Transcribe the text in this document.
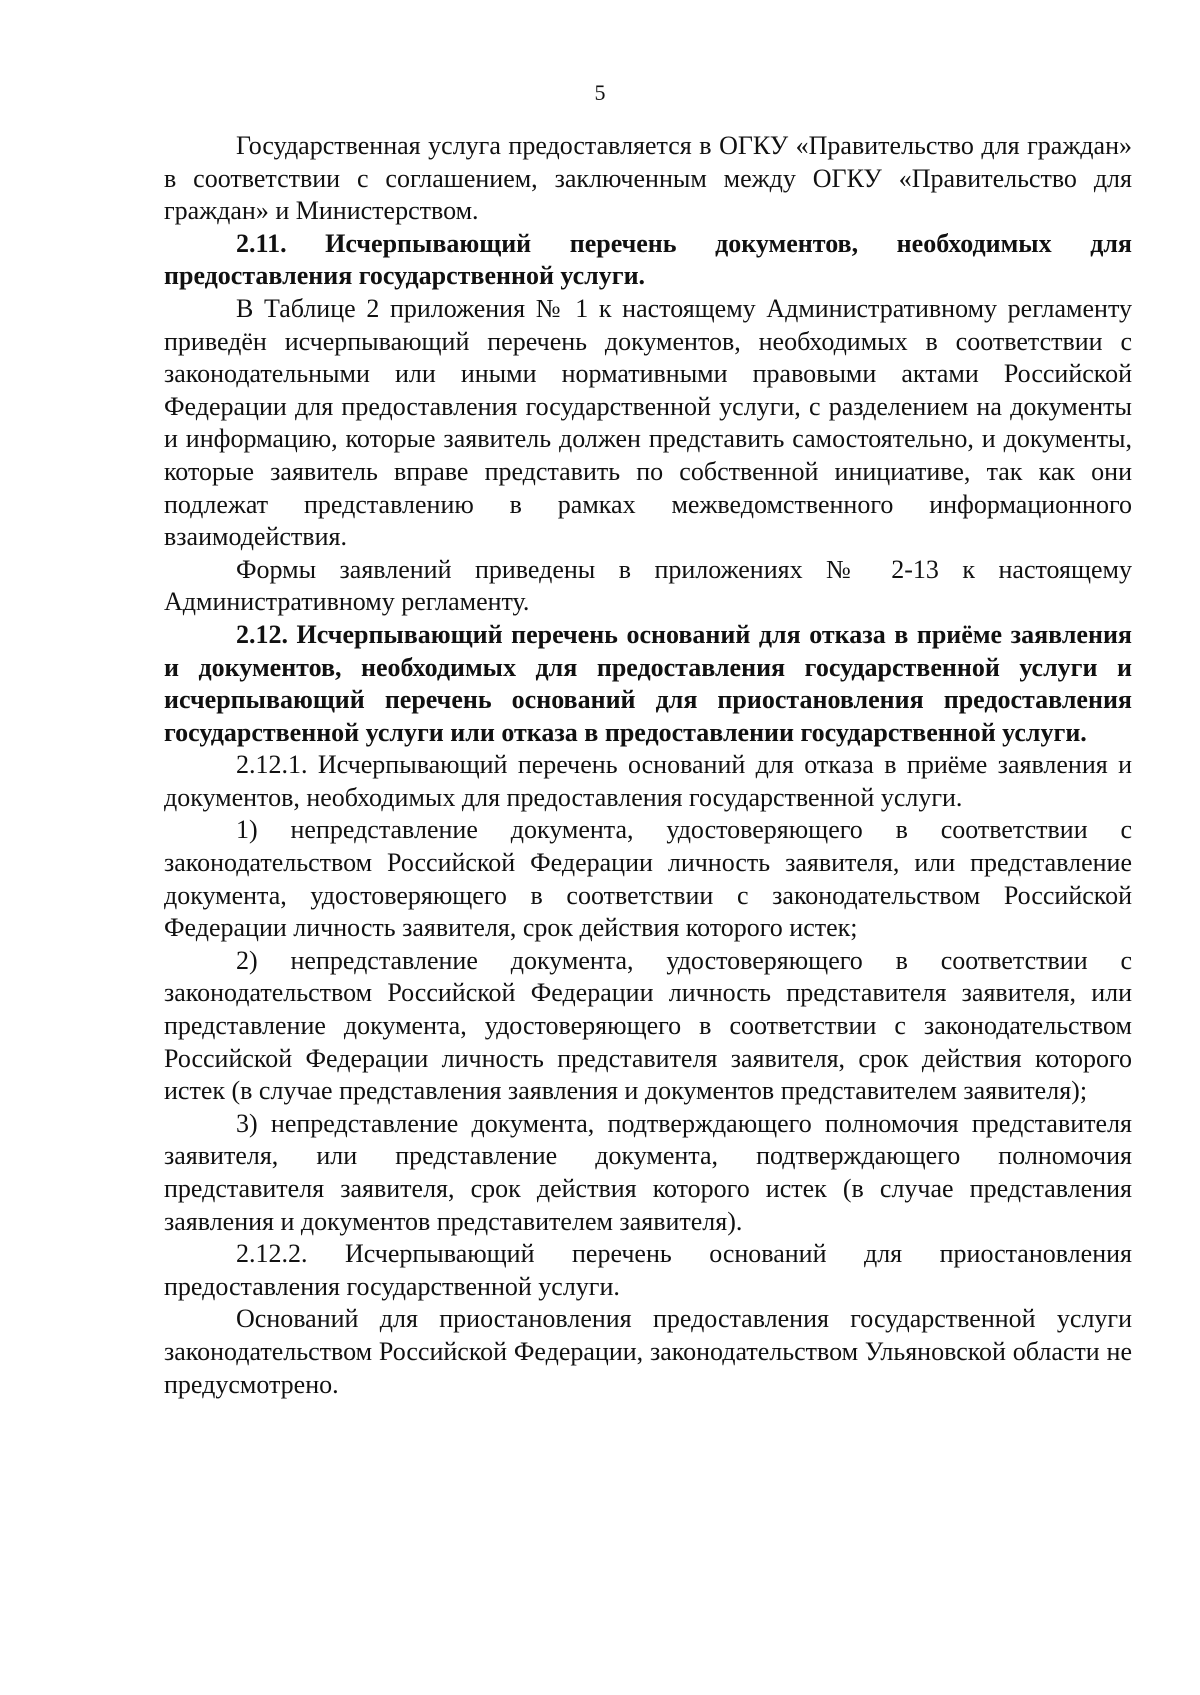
5

Государственная услуга предоставляется в ОГКУ «Правительство для граждан» в соответствии с соглашением, заключенным между ОГКУ «Правительство для граждан» и Министерством.

2.11. Исчерпывающий перечень документов, необходимых для предоставления государственной услуги.

В Таблице 2 приложения № 1 к настоящему Административному регламенту приведён исчерпывающий перечень документов, необходимых в соответствии с законодательными или иными нормативными правовыми актами Российской Федерации для предоставления государственной услуги, с разделением на документы и информацию, которые заявитель должен представить самостоятельно, и документы, которые заявитель вправе представить по собственной инициативе, так как они подлежат представлению в рамках межведомственного информационного взаимодействия.

Формы заявлений приведены в приложениях № 2-13 к настоящему Административному регламенту.

2.12. Исчерпывающий перечень оснований для отказа в приёме заявления и документов, необходимых для предоставления государственной услуги и исчерпывающий перечень оснований для приостановления предоставления государственной услуги или отказа в предоставлении государственной услуги.

2.12.1. Исчерпывающий перечень оснований для отказа в приёме заявления и документов, необходимых для предоставления государственной услуги.

1) непредставление документа, удостоверяющего в соответствии с законодательством Российской Федерации личность заявителя, или представление документа, удостоверяющего в соответствии с законодательством Российской Федерации личность заявителя, срок действия которого истек;

2) непредставление документа, удостоверяющего в соответствии с законодательством Российской Федерации личность представителя заявителя, или представление документа, удостоверяющего в соответствии с законодательством Российской Федерации личность представителя заявителя, срок действия которого истек (в случае представления заявления и документов представителем заявителя);

3) непредставление документа, подтверждающего полномочия представителя заявителя, или представление документа, подтверждающего полномочия представителя заявителя, срок действия которого истек (в случае представления заявления и документов представителем заявителя).

2.12.2. Исчерпывающий перечень оснований для приостановления предоставления государственной услуги.

Оснований для приостановления предоставления государственной услуги законодательством Российской Федерации, законодательством Ульяновской области не предусмотрено.
